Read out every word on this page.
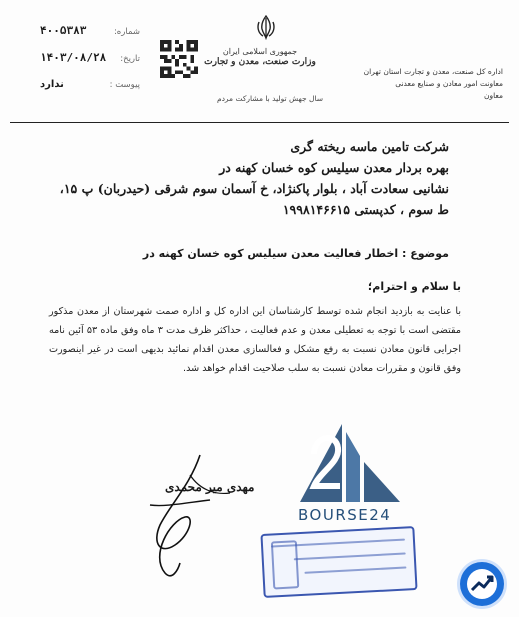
شماره:
۴۰۰۵۳۸۳
تاریخ:
۱۴۰۳/۰۸/۲۸
پیوست :
ندارد
جمهوری اسلامی ایران
وزارت صنعت، معدن و تجارت
سال جهش تولید با مشارکت مردم
اداره کل صنعت، معدن و تجارت استان تهران
معاونت امور معادن و صنایع معدنی
معاون
شرکت تامین ماسه ریخته گری
بهره بردار معدن سیلیس کوه خسان کهنه در
نشانیی سعادت آباد ، بلوار پاکنژاد، خ آسمان سوم شرقی (حیدربان) پ ۱۵،
ط سوم ، کدپستی ۱۹۹۸۱۴۶۶۱۵
موضوع : اخطار فعالیت معدن سیلیس کوه خسان کهنه در
با سلام و احترام؛
با عنایت به بازدید انجام شده توسط کارشناسان این اداره کل و اداره صمت شهرستان از معدن مذکور مقتضی است با توجه به تعطیلی معدن و عدم فعالیت ، حداکثر ظرف مدت ۳ ماه وفق ماده ۵۳ آئین نامه اجرایی قانون معادن نسبت به رفع مشکل و فعالسازی معدن اقدام نمائید بدیهی است در غیر اینصورت وفق قانون و مقررات معادن نسبت به سلب صلاحیت اقدام خواهد شد.
مهدی میر محمدی
BOURSE24
